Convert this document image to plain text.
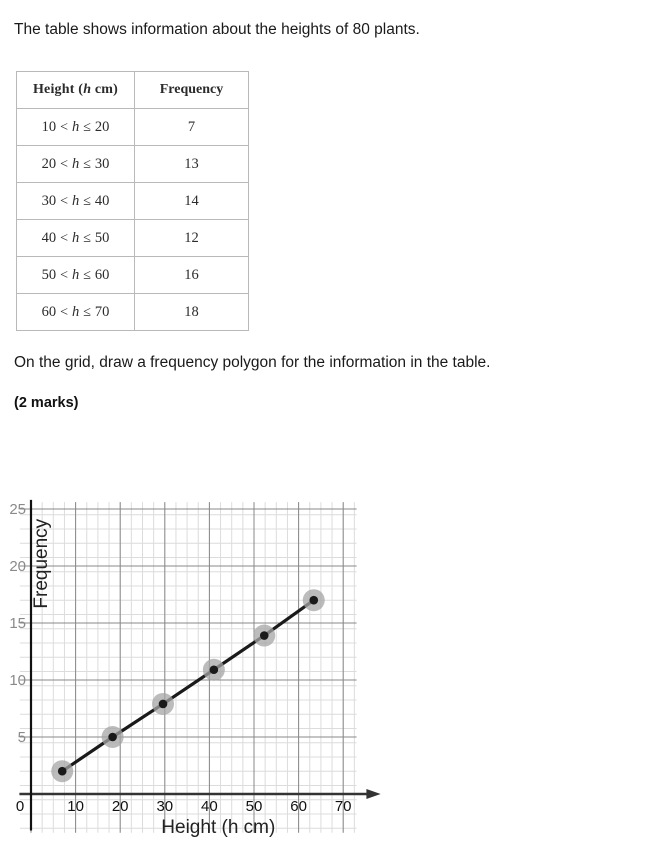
The table shows information about the heights of 80 plants.
Height (h cm)	Frequency
10 < h ≤ 20	7
20 < h ≤ 30	13
30 < h ≤ 40	14
40 < h ≤ 50	12
50 < h ≤ 60	16
60 < h ≤ 70	18
On the grid, draw a frequency polygon for the information in the table.
(2 marks)
0	10 20 30 40 50 60 70
5
10
15
20
25
Height (h cm)
Frequency
